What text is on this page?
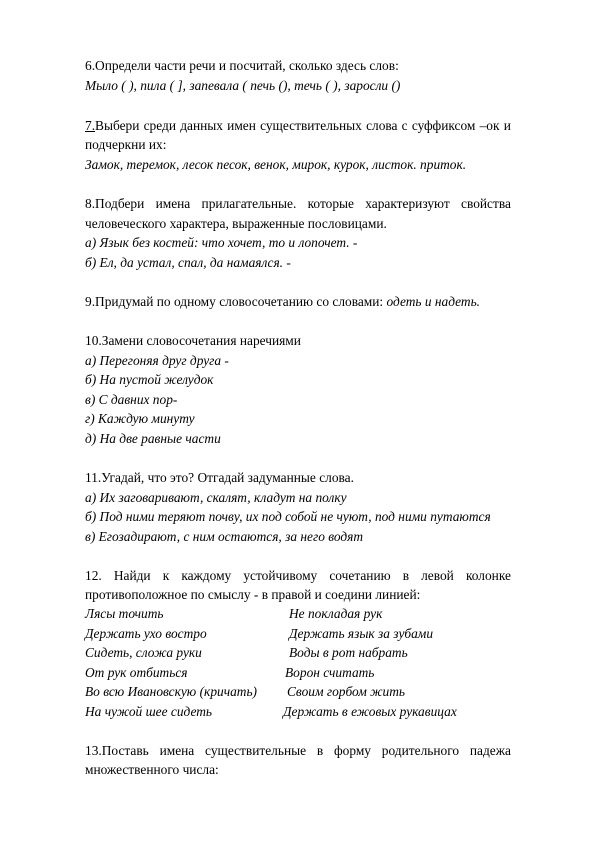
6.Определи части речи и посчитай, сколько здесь слов:
Мыло ( ), пила ( ], запевала ( печь (), течь ( ), заросли ()
7.Выбери среди данных имен существительных слова с суффиксом –ок и
подчеркни их:
Замок, теремок, лесок песок, венок, мирок, курок, листок. приток.
8.Подбери имена прилагательные. которые характеризуют свойства
человеческого характера, выраженные пословицами.
а) Язык без костей: что хочет, то и лопочет. -
б) Ел, да устал, спал, да намаялся. -
9.Придумай по одному словосочетанию со словами: одеть и надеть.
10.Замени словосочетания наречиями
а) Перегоняя друг друга -
б) На пустой желудок
в) С давних пор-
г) Каждую минуту
д) На две равные части
11.Угадай, что это? Отгадай задуманные слова.
а) Их заговаривают, скалят, кладут на полку
б) Под ними теряют почву, их под собой не чуют, под ними путаются
в) Егозадирают, с ним остаются, за него водят
12. Найди к каждому устойчивому сочетанию в левой колонке
противоположное по смыслу - в правой и соедини линией:
Лясы точить
Держать ухо востро
Сидеть, сложа руки
От рук отбиться
Во всю Ивановскую (кричать)
На чужой шее сидеть
Не покладая рук
Держать язык за зубами
Воды в рот набрать
Ворон считать
Своим горбом жить
Держать в ежовых рукавицах
13.Поставь имена существительные в форму родительного падежа
множественного числа:
